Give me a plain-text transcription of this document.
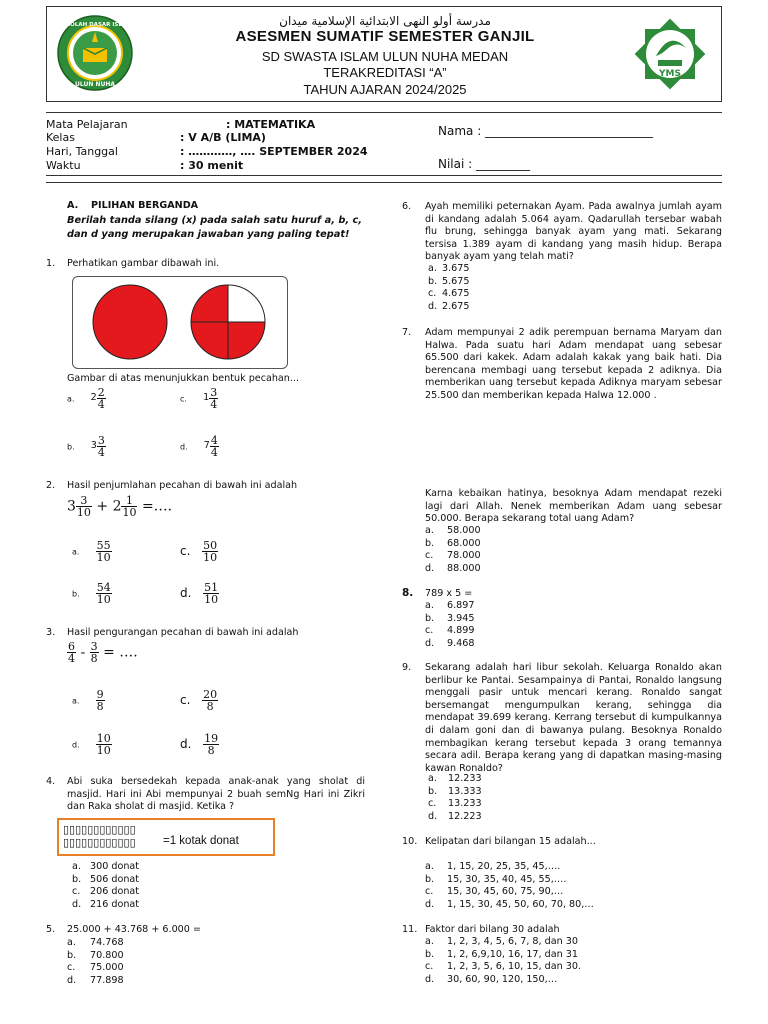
SEKOLAH DASAR ISLAM
ULUN NUHA
YMS
مدرسة أولو النهى الابتدائية الإسلامية ميدان
ASESMEN SUMATIF SEMESTER GANJIL
SD SWASTA ISLAM ULUN NUHA MEDAN
TERAKREDITASI “A”
TAHUN AJARAN 2024/2025
Mata Pelajaran	: MATEMATIKA
Kelas	: V A/B (LIMA)
Hari, Tanggal	: …………, …. SEPTEMBER 2024
Waktu	: 30 menit
Nama : ____________________________
Nilai : _________
A. PILIHAN BERGANDA
Berilah tanda silang (x) pada salah satu huruf a, b, c, dan d yang merupakan jawaban yang paling tepat!
1. Perhatikan gambar dibawah ini.
Gambar di atas menunjukkan bentuk pecahan...
a. $2 \frac{2}{4}$	c. $1 \frac{3}{4}$
b. $3 \frac{3}{4}$	d. $7 \frac{4}{4}$
2. Hasil penjumlahan pecahan di bawah ini adalah
$3 \frac{3}{10} + 2 \frac{1}{10}$ =….
a. $\frac{55}{10}$	c. $\frac{50}{10}$
b. $\frac{54}{10}$	d. $\frac{51}{10}$
3. Hasil pengurangan pecahan di bawah ini adalah
$\frac{6}{4} - \frac{3}{8}$ = ….
a. $\frac{9}{8}$	c. $\frac{20}{8}$
d. $\frac{10}{10}$	d. $\frac{19}{8}$
4. Abi suka bersedekah kepada anak-anak yang sholat di masjid. Hari ini Abi mempunyai 2 buah semNg Hari ini Zikri dan Raka sholat di masjid. Ketika ?
▯▯▯▯▯▯▯▯▯▯▯▯
▯▯▯▯▯▯▯▯▯▯▯▯ =1 kotak donat
a. 300 donat
b. 506 donat
c. 206 donat
d. 216 donat
5. 25.000 + 43.768 + 6.000 =
a. 74.768
b. 70.800
c. 75.000
d. 77.898
6. Ayah memiliki peternakan Ayam. Pada awalnya jumlah ayam di kandang adalah 5.064 ayam. Qadarullah tersebar wabah flu brung, sehingga banyak ayam yang mati. Sekarang tersisa 1.389 ayam di kandang yang masih hidup. Berapa banyak ayam yang telah mati?
a. 3.675
b. 5.675
c. 4.675
d. 2.675
7. Adam mempunyai 2 adik perempuan bernama Maryam dan Halwa. Pada suatu hari Adam mendapat uang sebesar 65.500 dari kakek. Adam adalah kakak yang baik hati. Dia berencana membagi uang tersebut kepada 2 adiknya. Dia memberikan uang tersebut kepada Adiknya maryam sebesar 25.500 dan memberikan kepada Halwa 12.000 .
Karna kebaikan hatinya, besoknya Adam mendapat rezeki lagi dari Allah. Nenek memberikan Adam uang sebesar 50.000. Berapa sekarang total uang Adam?
a. 58.000
b. 68.000
c. 78.000
d. 88.000
8. 789 x 5 =
a. 6.897
b. 3.945
c. 4.899
d. 9.468
9. Sekarang adalah hari libur sekolah. Keluarga Ronaldo akan berlibur ke Pantai. Sesampainya di Pantai, Ronaldo langsung menggali pasir untuk mencari kerang. Ronaldo sangat bersemangat mengumpulkan kerang, sehingga dia mendapat 39.699 kerang. Kerrang tersebut di kumpulkannya di dalam goni dan di bawanya pulang. Besoknya Ronaldo membagikan kerang tersebut kepada 3 orang temannya secara adil. Berapa kerang yang di dapatkan masing-masing kawan Ronaldo?
a. 12.233
b. 13.333
c. 13.233
d. 12.223
10. Kelipatan dari bilangan 15 adalah...
a. 1, 15, 20, 25, 35, 45,….
b. 15, 30, 35, 40, 45, 55,….
c. 15, 30, 45, 60, 75, 90,…
d. 1, 15, 30, 45, 50, 60, 70, 80,…
11. Faktor dari bilang 30 adalah
a. 1, 2, 3, 4, 5, 6, 7, 8, dan 30
b. 1, 2, 6,9,10, 16, 17, dan 31
c. 1, 2, 3, 5, 6, 10, 15, dan 30.
d. 30, 60, 90, 120, 150,…
